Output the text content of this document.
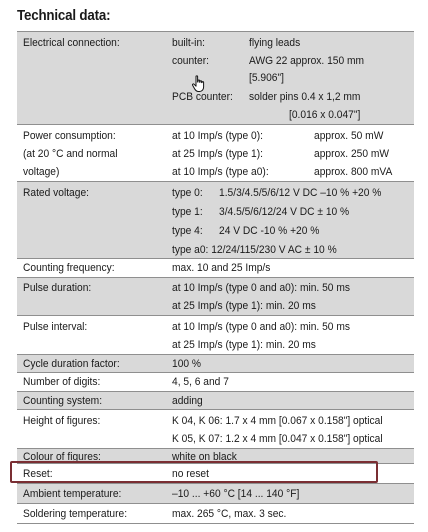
Technical data:
Electrical connection:	built-in:	flying leads
counter:	AWG 22 approx. 150 mm
[5.906"]
PCB counter: solder pins 0.4 x 1,2 mm
[0.016 x 0.047"]
Power consumption:
(at 20 °C and normal
voltage)
at 10 Imp/s (type 0):	approx. 50 mW
at 25 Imp/s (type 1):	approx. 250 mW
at 10 Imp/s (type a0):	approx. 800 mVA
Rated voltage:	type 0: 1.5/3/4.5/5/6/12 V DC –10 % +20 %
type 1: 3/4.5/5/6/12/24 V DC ± 10 %
type 4: 24 V DC -10 % +20 %
type a0: 12/24/115/230 V AC ± 10 %
Counting frequency:	max. 10 and 25 Imp/s
Pulse duration:	at 10 Imp/s (type 0 and a0): min. 50 ms
at 25 Imp/s (type 1): min. 20 ms
Pulse interval:	at 10 Imp/s (type 0 and a0): min. 50 ms
at 25 Imp/s (type 1): min. 20 ms
Cycle duration factor:	100 %
Number of digits:	4, 5, 6 and 7
Counting system:	adding
Height of figures:	K 04, K 06: 1.7 x 4 mm [0.067 x 0.158"] optical
K 05, K 07: 1.2 x 4 mm [0.047 x 0.158"] optical
Colour of figures:	white on black
Reset:	no reset
Ambient temperature:	–10 ... +60 °C [14 ... 140 °F]
Soldering temperature:	max. 265 °C, max. 3 sec.
